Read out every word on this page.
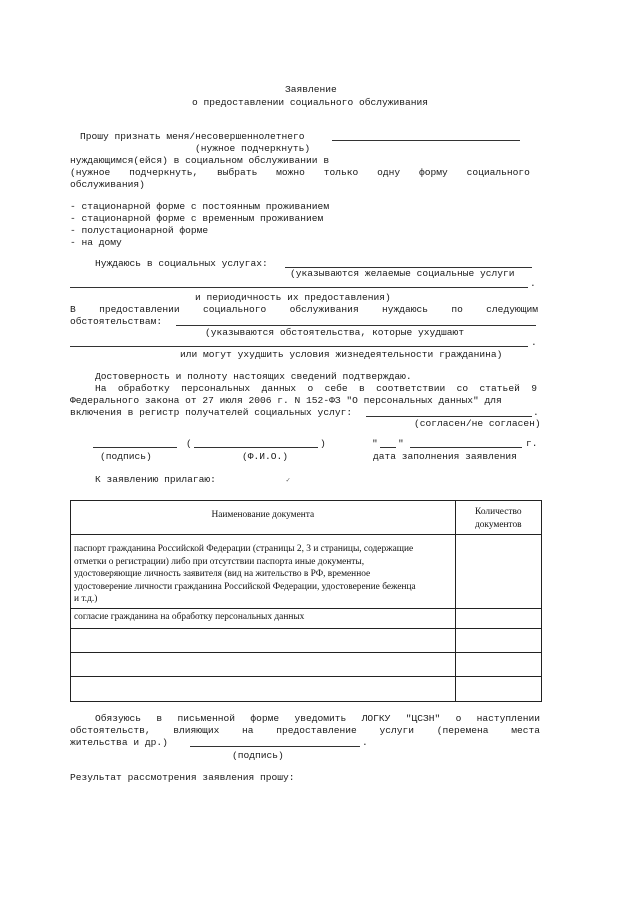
Заявление
о предоставлении социального обслуживания
Прошу признать меня/несовершеннолетнего
(нужное подчеркнуть)
нуждающимся(ейся) в социальном обслуживании в
(нужное подчеркнуть, выбрать можно только одну форму социального
обслуживания)
- стационарной форме с постоянным проживанием
- стационарной форме с временным проживанием
- полустационарной форме
- на дому
Нуждаюсь в социальных услугах:
(указываются желаемые социальные услуги
.
и периодичность их предоставления)
В предоставлении социального обслуживания нуждаюсь по следующим
обстоятельствам:
(указываются обстоятельства, которые ухудшают
.
или могут ухудшить условия жизнедеятельности гражданина)
Достоверность и полноту настоящих сведений подтверждаю.
На обработку персональных данных о себе в соответствии со статьей 9
Федерального закона от 27 июля 2006 г. N 152-ФЗ "О персональных данных" для
включения в регистр получателей социальных услуг:	.
(согласен/не согласен)
(	)	" "	г.
(подпись)	(Ф.И.О.)	дата заполнения заявления
К заявлению прилагаю:	✓
Наименование документа	Количество документов

паспорт гражданина Российской Федерации (страницы 2, 3 и страницы, содержащие
отметки о регистрации) либо при отсутствии паспорта иные документы,
удостоверяющие личность заявителя (вид на жительство в РФ, временное
удостоверение личности гражданина Российской Федерации, удостоверение беженца
и т.д.)	

согласие гражданина на обработку персональных данных	

Обязуюсь в письменной форме уведомить ЛОГКУ "ЦСЗН" о наступлении
обстоятельств, влияющих на предоставление услуги (перемена места
жительства и др.)	.
(подпись)
Результат рассмотрения заявления прошу:
